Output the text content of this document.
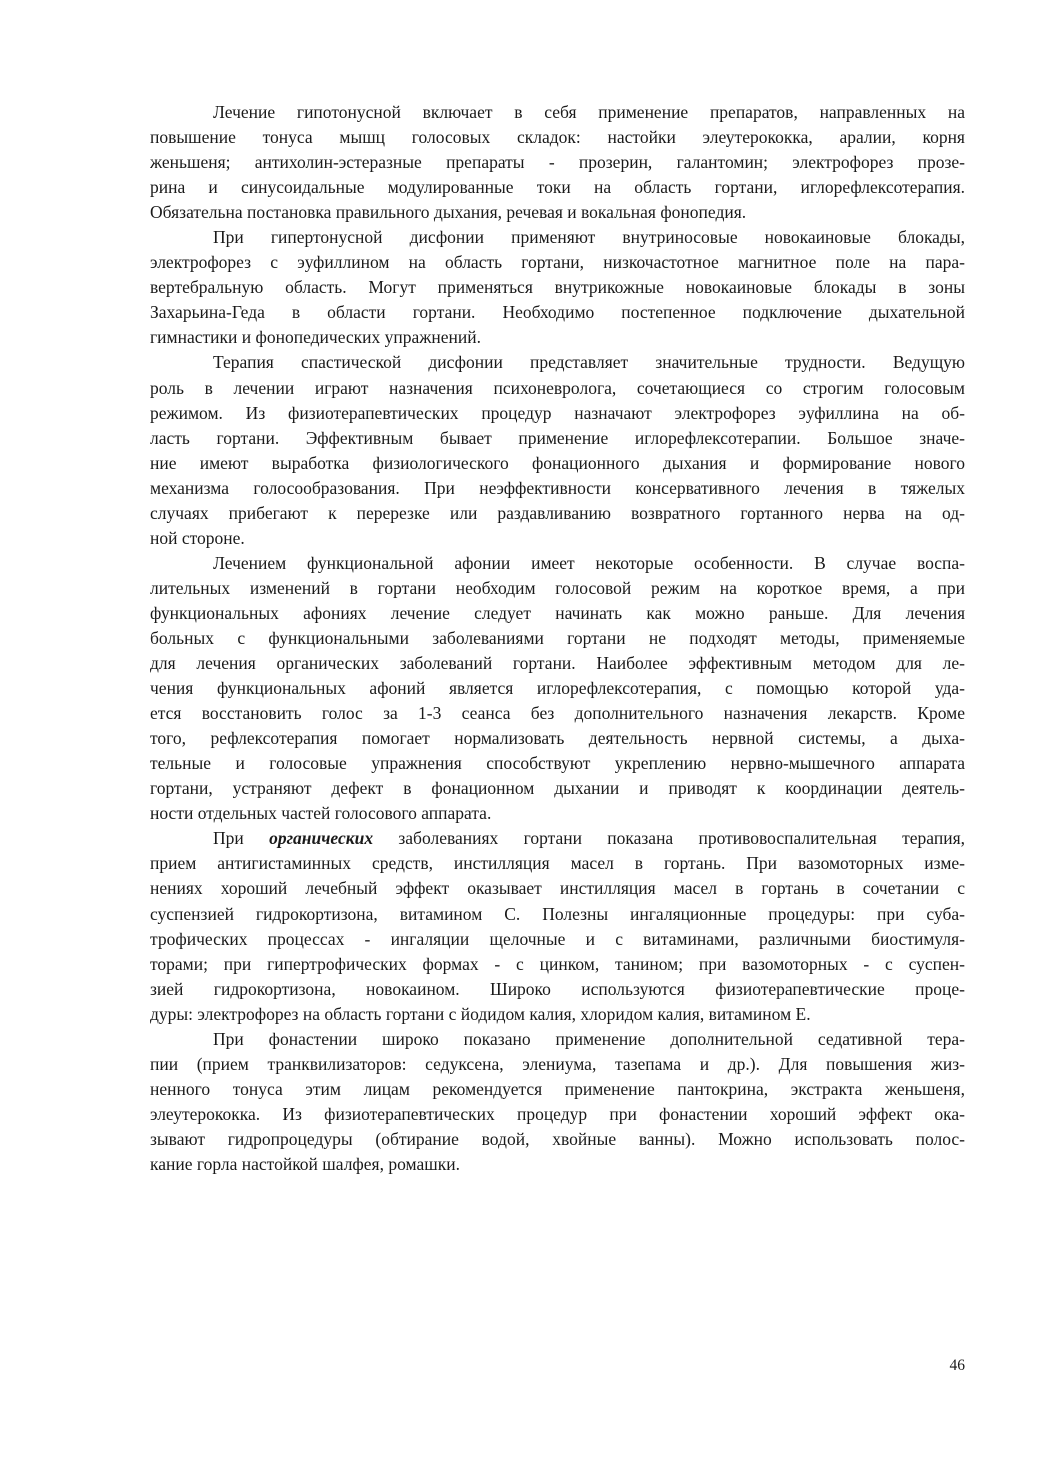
Лечение гипотонусной включает в себя применение препаратов, направленных на
повышение тонуса мышц голосовых складок: настойки элеутерококка, аралии, корня
женьшеня; антихолин-эстеразные препараты - прозерин, галантомин; электрофорез прозе-
рина и синусоидальные модулированные токи на область гортани, иглорефлексотерапия.
Обязательна постановка правильного дыхания, речевая и вокальная фонопедия.

При гипертонусной дисфонии применяют внутриносовые новокаиновые блокады,
электрофорез с эуфиллином на область гортани, низкочастотное магнитное поле на пара-
вертебральную область. Могут применяться внутрикожные новокаиновые блокады в зоны
Захарьина-Геда в области гортани. Необходимо постепенное подключение дыхательной
гимнастики и фонопедических упражнений.

Терапия спастической дисфонии представляет значительные трудности. Ведущую
роль в лечении играют назначения психоневролога, сочетающиеся со строгим голосовым
режимом. Из физиотерапевтических процедур назначают электрофорез эуфиллина на об-
ласть гортани. Эффективным бывает применение иглорефлексотерапии. Большое значе-
ние имеют выработка физиологического фонационного дыхания и формирование нового
механизма голосообразования. При неэффективности консервативного лечения в тяжелых
случаях прибегают к перерезке или раздавливанию возвратного гортанного нерва на од-
ной стороне.

Лечением функциональной афонии имеет некоторые особенности. В случае воспа-
лительных изменений в гортани необходим голосовой режим на короткое время, а при
функциональных афониях лечение следует начинать как можно раньше. Для лечения
больных с функциональными заболеваниями гортани не подходят методы, применяемые
для лечения органических заболеваний гортани. Наиболее эффективным методом для ле-
чения функциональных афоний является иглорефлексотерапия, с помощью которой уда-
ется восстановить голос за 1-3 сеанса без дополнительного назначения лекарств. Кроме
того, рефлексотерапия помогает нормализовать деятельность нервной системы, а дыха-
тельные и голосовые упражнения способствуют укреплению нервно-мышечного аппарата
гортани, устраняют дефект в фонационном дыхании и приводят к координации деятель-
ности отдельных частей голосового аппарата.

При органических заболеваниях гортани показана противовоспалительная терапия,
прием антигистаминных средств, инстилляция масел в гортань. При вазомоторных изме-
нениях хороший лечебный эффект оказывает инстилляция масел в гортань в сочетании с
суспензией гидрокортизона, витамином С. Полезны ингаляционные процедуры: при суба-
трофических процессах - ингаляции щелочные и с витаминами, различными биостимуля-
торами; при гипертрофических формах - с цинком, танином; при вазомоторных - с суспен-
зией гидрокортизона, новокаином. Широко используются физиотерапевтические проце-
дуры: электрофорез на область гортани с йодидом калия, хлоридом калия, витамином Е.

При фонастении широко показано применение дополнительной седативной тера-
пии (прием транквилизаторов: седуксена, элениума, тазепама и др.). Для повышения жиз-
ненного тонуса этим лицам рекомендуется применение пантокрина, экстракта женьшеня,
элеутерококка. Из физиотерапевтических процедур при фонастении хороший эффект ока-
зывают гидропроцедуры (обтирание водой, хвойные ванны). Можно использовать полос-
кание горла настойкой шалфея, ромашки.

46
